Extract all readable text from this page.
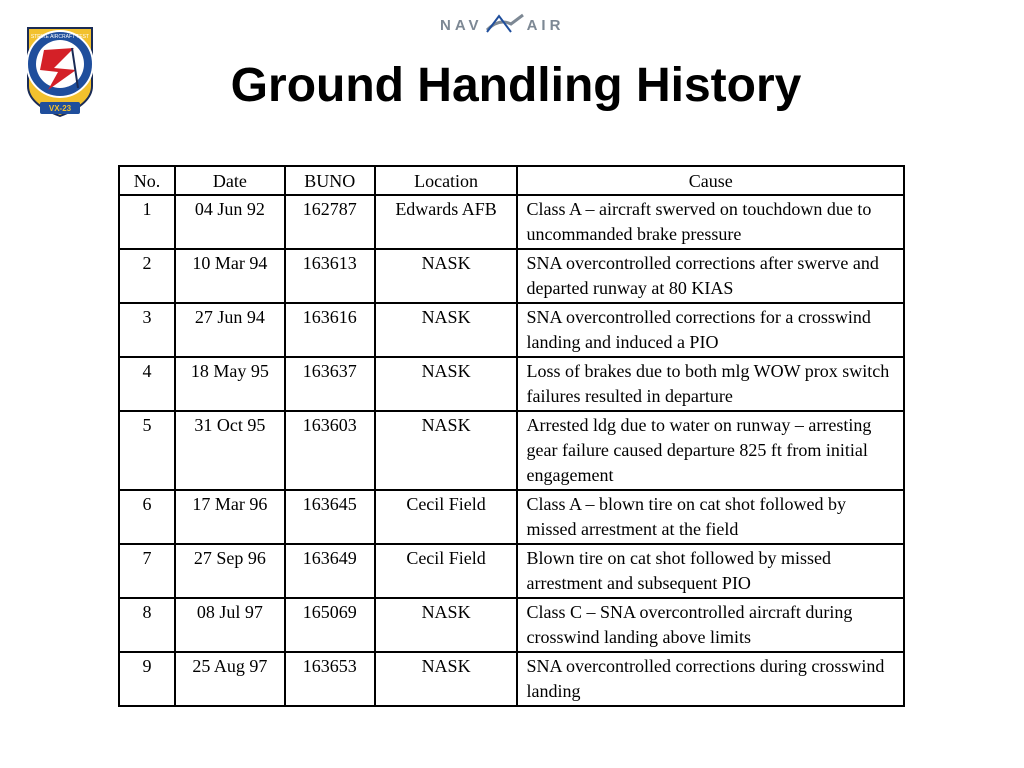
VX-23
STRIKE AIRCRAFT TEST
NAV	AIR
Ground Handling History
No.	Date	BUNO	Location	Cause
1	04 Jun 92	162787	Edwards AFB	Class A – aircraft swerved on touchdown due to uncommanded brake pressure
2	10 Mar 94	163613	NASK	SNA overcontrolled corrections after swerve and departed runway at 80 KIAS
3	27 Jun 94	163616	NASK	SNA overcontrolled corrections for a crosswind landing and induced a PIO
4	18 May 95	163637	NASK	Loss of brakes due to both mlg WOW prox switch failures resulted in departure
5	31 Oct 95	163603	NASK	Arrested ldg due to water on runway – arresting gear failure caused departure 825 ft from initial engagement
6	17 Mar 96	163645	Cecil Field	Class A – blown tire on cat shot followed by missed arrestment at the field
7	27 Sep 96	163649	Cecil Field	Blown tire on cat shot followed by missed arrestment and subsequent PIO
8	08 Jul 97	165069	NASK	Class C – SNA overcontrolled aircraft during crosswind landing above limits
9	25 Aug 97	163653	NASK	SNA overcontrolled corrections during crosswind landing
